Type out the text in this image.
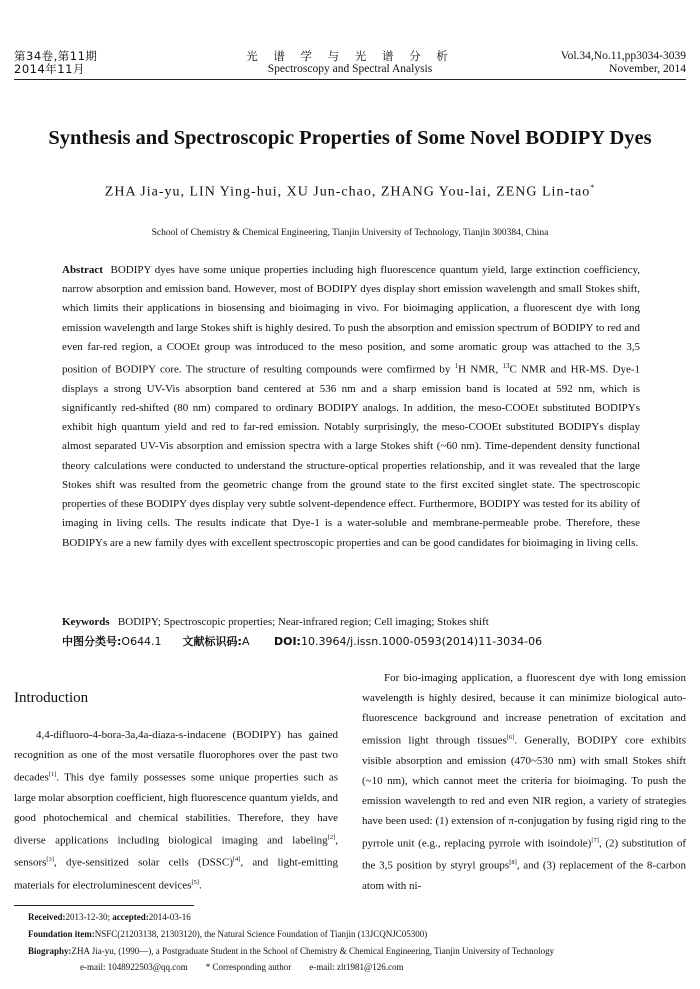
第34卷,第11期
2014年11月
光 谱 学 与 光 谱 分 析
Spectroscopy and Spectral Analysis
Vol.34,No.11,pp3034-3039
November, 2014
Synthesis and Spectroscopic Properties of Some Novel BODIPY Dyes
ZHA Jia-yu, LIN Ying-hui, XU Jun-chao, ZHANG You-lai, ZENG Lin-tao*
School of Chemistry & Chemical Engineering, Tianjin University of Technology, Tianjin 300384, China
Abstract BODIPY dyes have some unique properties including high fluorescence quantum yield, large extinction coefficiency, narrow absorption and emission band. However, most of BODIPY dyes display short emission wavelength and small Stokes shift, which limits their applications in biosensing and bioimaging in vivo. For bioimaging application, a fluorescent dye with long emission wavelength and large Stokes shift is highly desired. To push the absorption and emission spectrum of BODIPY to red and even far-red region, a COOEt group was introduced to the meso position, and some aromatic group was attached to the 3,5 position of BODIPY core. The structure of resulting compounds were comfirmed by $^1$H NMR, $^{13}$C NMR and HR-MS. Dye-1 displays a strong UV-Vis absorption band centered at 536 nm and a sharp emission band is located at 592 nm, which is significantly red-shifted (80 nm) compared to ordinary BODIPY analogs. In addition, the meso-COOEt substituted BODIPYs exhibit high quantum yield and red to far-red emission. Notably surprisingly, the meso-COOEt substituted BODIPYs display almost separated UV-Vis absorption and emission spectra with a large Stokes shift (~60 nm). Time-dependent density functional theory calculations were conducted to understand the structure-optical properties relationship, and it was revealed that the large Stokes shift was resulted from the geometric change from the ground state to the first excited singlet state. The spectroscopic properties of these BODIPY dyes display very subtle solvent-dependence effect. Furthermore, BODIPY was tested for its ability of imaging in living cells. The results indicate that Dye-1 is a water-soluble and membrane-permeable probe. Therefore, these BODIPYs are a new family dyes with excellent spectroscopic properties and can be good candidates for bioimaging in living cells.
Keywords BODIPY; Spectroscopic properties; Near-infrared region; Cell imaging; Stokes shift
中图分类号:O644.1 文献标识码:A DOI:10.3964/j.issn.1000-0593(2014)11-3034-06
Introduction
4,4-difluoro-4-bora-3a,4a-diaza-s-indacene (BODIPY) has gained recognition as one of the most versatile fluorophores over the past two decades[1]. This dye family possesses some unique properties such as large molar absorption coefficient, high fluorescence quantum yields, and good photochemical and chemical stabilities. Therefore, they have diverse applications including biological imaging and labeling[2], sensors[3], dye-sensitized solar cells (DSSC)[4], and light-emitting materials for electroluminescent devices[5].
For bio-imaging application, a fluorescent dye with long emission wavelength is highly desired, because it can minimize biological auto-fluorescence background and increase penetration of excitation and emission light through tissues[6]. Generally, BODIPY core exhibits visible absorption and emission (470~530 nm) with small Stokes shift (~10 nm), which cannot meet the criteria for bioimaging. To push the emission wavelength to red and even NIR region, a variety of strategies have been used: (1) extension of π-conjugation by fusing rigid ring to the pyrrole unit (e.g., replacing pyrrole with isoindole)[7], (2) substitution of the 3,5 position by styryl groups[8], and (3) replacement of the 8-carbon atom with ni-
Received:2013-12-30; accepted:2014-03-16
Foundation item:NSFC(21203138, 21303120), the Natural Science Foundation of Tianjin (13JCQNJC05300)
Biography:ZHA Jia-yu, (1990—), a Postgraduate Student in the School of Chemistry & Chemical Engineering, Tianjin University of Technology
e-mail: 1048922503@qq.com * Corresponding author e-mail: zlt1981@126.com
